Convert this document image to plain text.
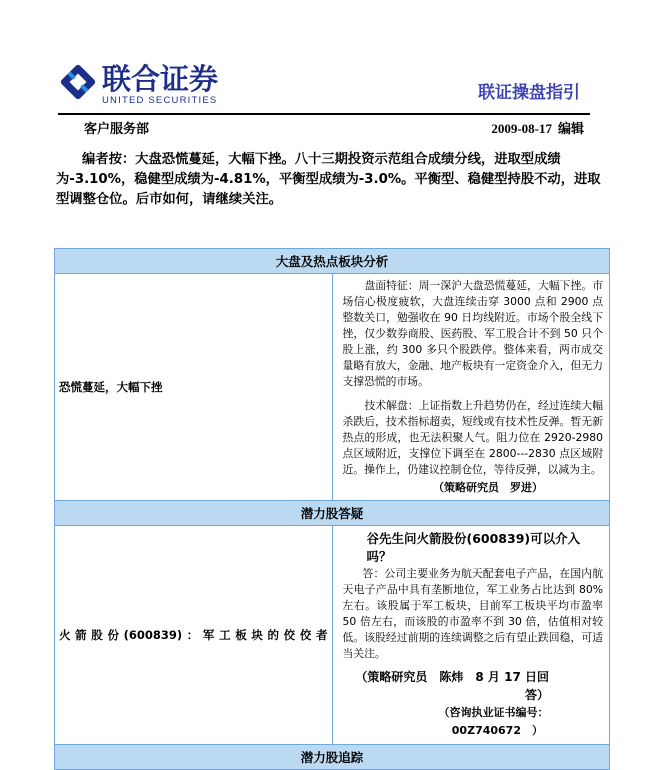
联合证券
UNITED SECURITIES	联证操盘指引
客户服务部	2009-08-17 编辑
编者按：大盘恐慌蔓延，大幅下挫。八十三期投资示范组合成绩分线，进取型成绩为-3.10%，稳健型成绩为-4.81%，平衡型成绩为-3.0%。平衡型、稳健型持股不动，进取型调整仓位。后市如何，请继续关注。
大盘及热点板块分析	
恐慌蔓延，大幅下挫	盘面特征：周一深沪大盘恐慌蔓延，大幅下挫。市场信心极度疲软，大盘连续击穿 3000 点和 2900 点整数关口，勉强收在 90 日均线附近。市场个股全线下挫，仅少数券商股、医药股、军工股合计不到 50 只个股上涨，约 300 多只个股跌停。整体来看，两市成交量略有放大，金融、地产板块有一定资金介入，但无力支撑恐慌的市场。
技术解盘：上证指数上升趋势仍在，经过连续大幅杀跌后，技术指标超卖，短线或有技术性反弹。暂无新热点的形成，也无法积聚人气。阻力位在 2920-2980 点区域附近，支撑位下调至在 2800---2830 点区域附近。操作上，仍建议控制仓位，等待反弹，以减为主。
（策略研究员　罗进）

潜力股答疑	
火箭股份(600839)：军工板块的佼佼者	谷先生问火箭股份(600839)可以介入吗？
答：公司主要业务为航天配套电子产品，在国内航天电子产品中具有垄断地位，军工业务占比达到 80%左右。该股属于军工板块，目前军工板块平均市盈率 50 倍左右，而该股的市盈率不到 30 倍，估值相对较低。该股经过前期的连续调整之后有望止跌回稳，可适当关注。
（策略研究员　陈炜　8 月 17 日回答）
（咨询执业证书编号：　00Z740672　）

潜力股追踪	
